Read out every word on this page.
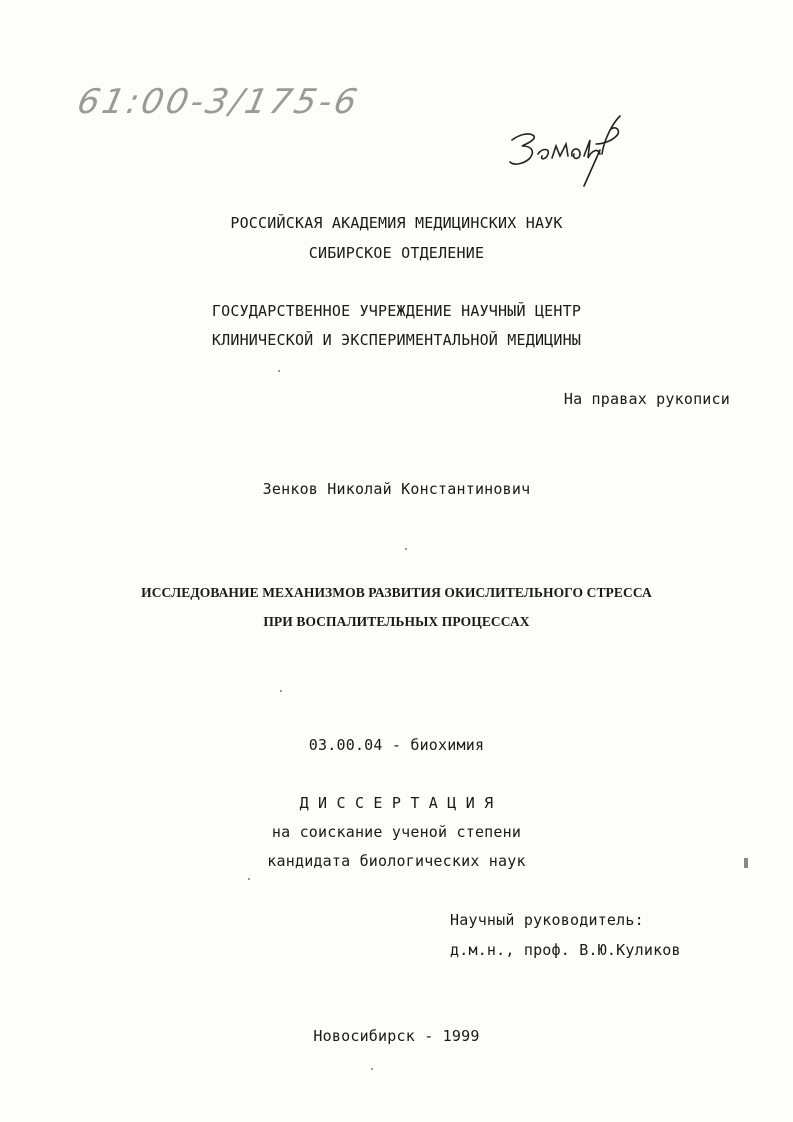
61:00-3/175-6
РОССИЙСКАЯ АКАДЕМИЯ МЕДИЦИНСКИХ НАУК
СИБИРСКОЕ ОТДЕЛЕНИЕ
ГОСУДАРСТВЕННОЕ УЧРЕЖДЕНИЕ НАУЧНЫЙ ЦЕНТР
КЛИНИЧЕСКОЙ И ЭКСПЕРИМЕНТАЛЬНОЙ МЕДИЦИНЫ
На правах рукописи
Зенков Николай Константинович
ИССЛЕДОВАНИЕ МЕХАНИЗМОВ РАЗВИТИЯ ОКИСЛИТЕЛЬНОГО СТРЕССА
ПРИ ВОСПАЛИТЕЛЬНЫХ ПРОЦЕССАХ
03.00.04 - биохимия
Д И С С Е Р Т А Ц И Я
на соискание ученой степени
кандидата биологических наук
Научный руководитель:
д.м.н., проф. В.Ю.Куликов
Новосибирск - 1999
